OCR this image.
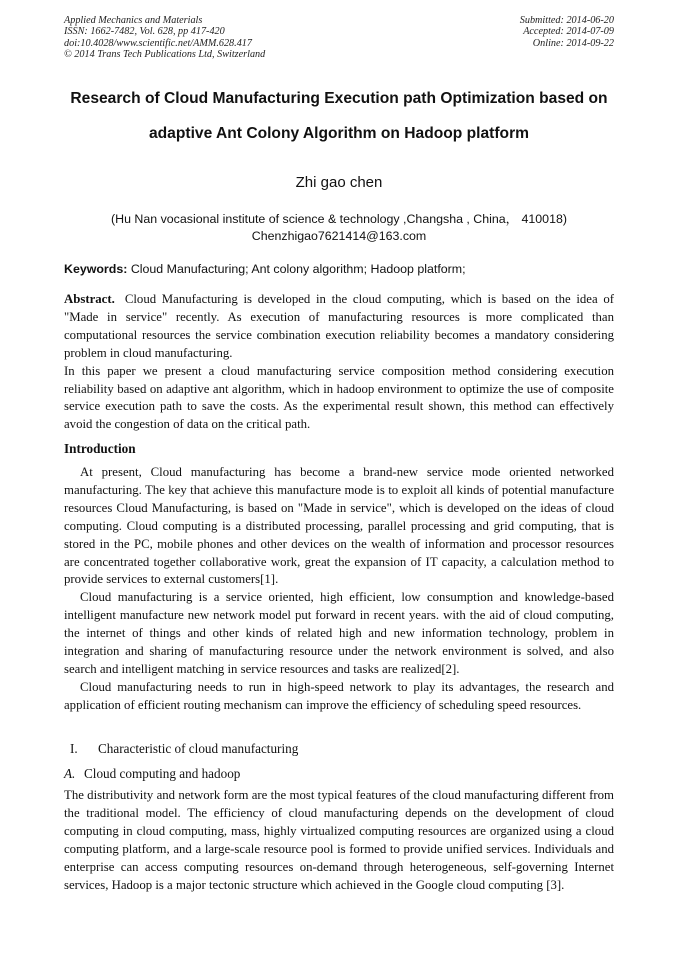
Applied Mechanics and Materials
ISSN: 1662-7482, Vol. 628, pp 417-420
doi:10.4028/www.scientific.net/AMM.628.417
© 2014 Trans Tech Publications Ltd, Switzerland
Submitted: 2014-06-20
Accepted: 2014-07-09
Online: 2014-09-22
Research of Cloud Manufacturing Execution path Optimization based on
adaptive Ant Colony Algorithm on Hadoop platform
Zhi gao chen
(Hu Nan vocasional institute of science & technology ,Changsha , China， 410018)
Chenzhigao7621414@163.com
Keywords: Cloud Manufacturing; Ant colony algorithm; Hadoop platform;

Abstract. Cloud Manufacturing is developed in the cloud computing, which is based on the idea of "Made in service" recently. As execution of manufacturing resources is more complicated than computational resources the service combination execution reliability becomes a mandatory considering problem in cloud manufacturing.

In this paper we present a cloud manufacturing service composition method considering execution reliability based on adaptive ant algorithm, which in hadoop environment to optimize the use of composite service execution path to save the costs. As the experimental result shown, this method can effectively avoid the congestion of data on the critical path.

Introduction

At present, Cloud manufacturing has become a brand-new service mode oriented networked manufacturing. The key that achieve this manufacture mode is to exploit all kinds of potential manufacture resources Cloud Manufacturing, is based on "Made in service", which is developed on the ideas of cloud computing. Cloud computing is a distributed processing, parallel processing and grid computing, that is stored in the PC, mobile phones and other devices on the wealth of information and processor resources are concentrated together collaborative work, great the expansion of IT capacity, a calculation method to provide services to external customers[1].

Cloud manufacturing is a service oriented, high efficient, low consumption and knowledge-based intelligent manufacture new network model put forward in recent years. with the aid of cloud computing, the internet of things and other kinds of related high and new information technology, problem in integration and sharing of manufacturing resource under the network environment is solved, and also search and intelligent matching in service resources and tasks are realized[2].

Cloud manufacturing needs to run in high-speed network to play its advantages, the research and application of efficient routing mechanism can improve the efficiency of scheduling speed resources.

I. Characteristic of cloud manufacturing
A. Cloud computing and hadoop

The distributivity and network form are the most typical features of the cloud manufacturing different from the traditional model. The efficiency of cloud manufacturing depends on the development of cloud computing in cloud computing, mass, highly virtualized computing resources are organized using a cloud computing platform, and a large-scale resource pool is formed to provide unified services. Individuals and enterprise can access computing resources on-demand through heterogeneous, self-governing Internet services, Hadoop is a major tectonic structure which achieved in the Google cloud computing [3].
